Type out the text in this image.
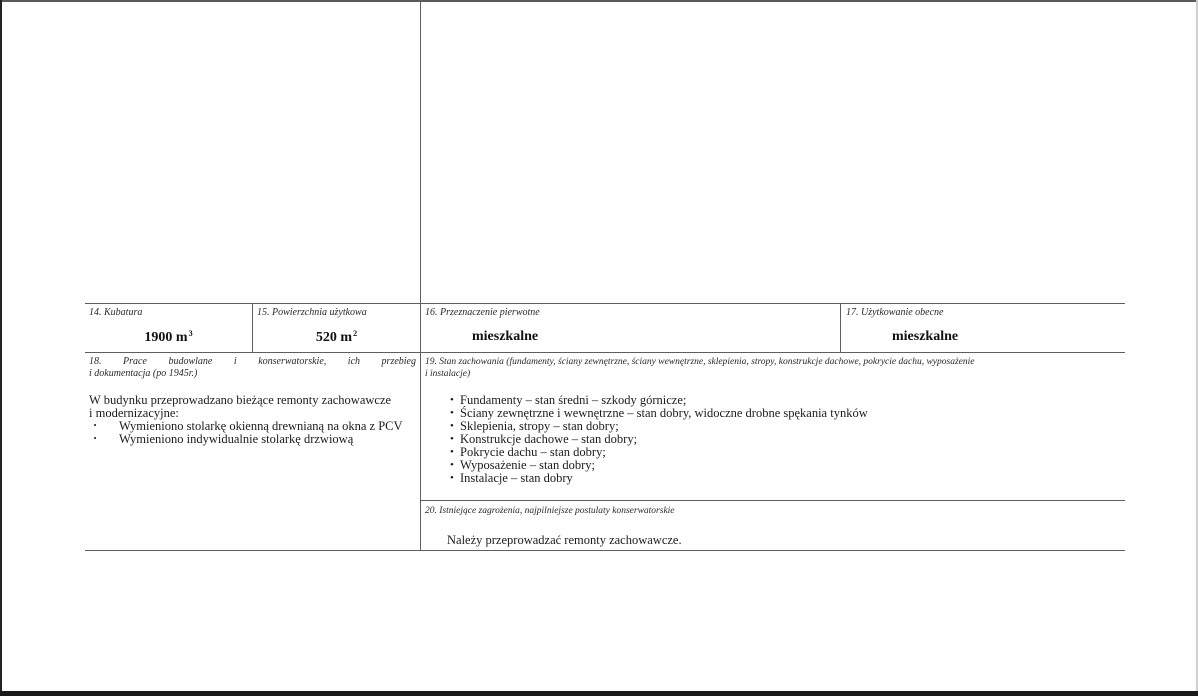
14. Kubatura
1900 $m^3$
15. Powierzchnia użytkowa
520 $m^2$
16. Przeznaczenie pierwotne
mieszkalne
17. Użytkowanie obecne
mieszkalne
18. Prace budowlane i konserwatorskie, ich przebieg
i dokumentacja (po 1945r.)
W budynku przeprowadzano bieżące remonty zachowawcze
i modernizacyjne:
· Wymieniono stolarkę okienną drewnianą na okna z PCV
· Wymieniono indywidualnie stolarkę drzwiową
19. Stan zachowania (fundamenty, ściany zewnętrzne, ściany wewnętrzne, sklepienia, stropy, konstrukcje dachowe, pokrycie dachu, wyposażenie
i instalacje)
• Fundamenty – stan średni – szkody górnicze;
• Ściany zewnętrzne i wewnętrzne – stan dobry, widoczne drobne spękania tynków
• Sklepienia, stropy – stan dobry;
• Konstrukcje dachowe – stan dobry;
• Pokrycie dachu – stan dobry;
• Wyposażenie – stan dobry;
• Instalacje – stan dobry
20. Istniejące zagrożenia, najpilniejsze postulaty konserwatorskie
Należy przeprowadzać remonty zachowawcze.
